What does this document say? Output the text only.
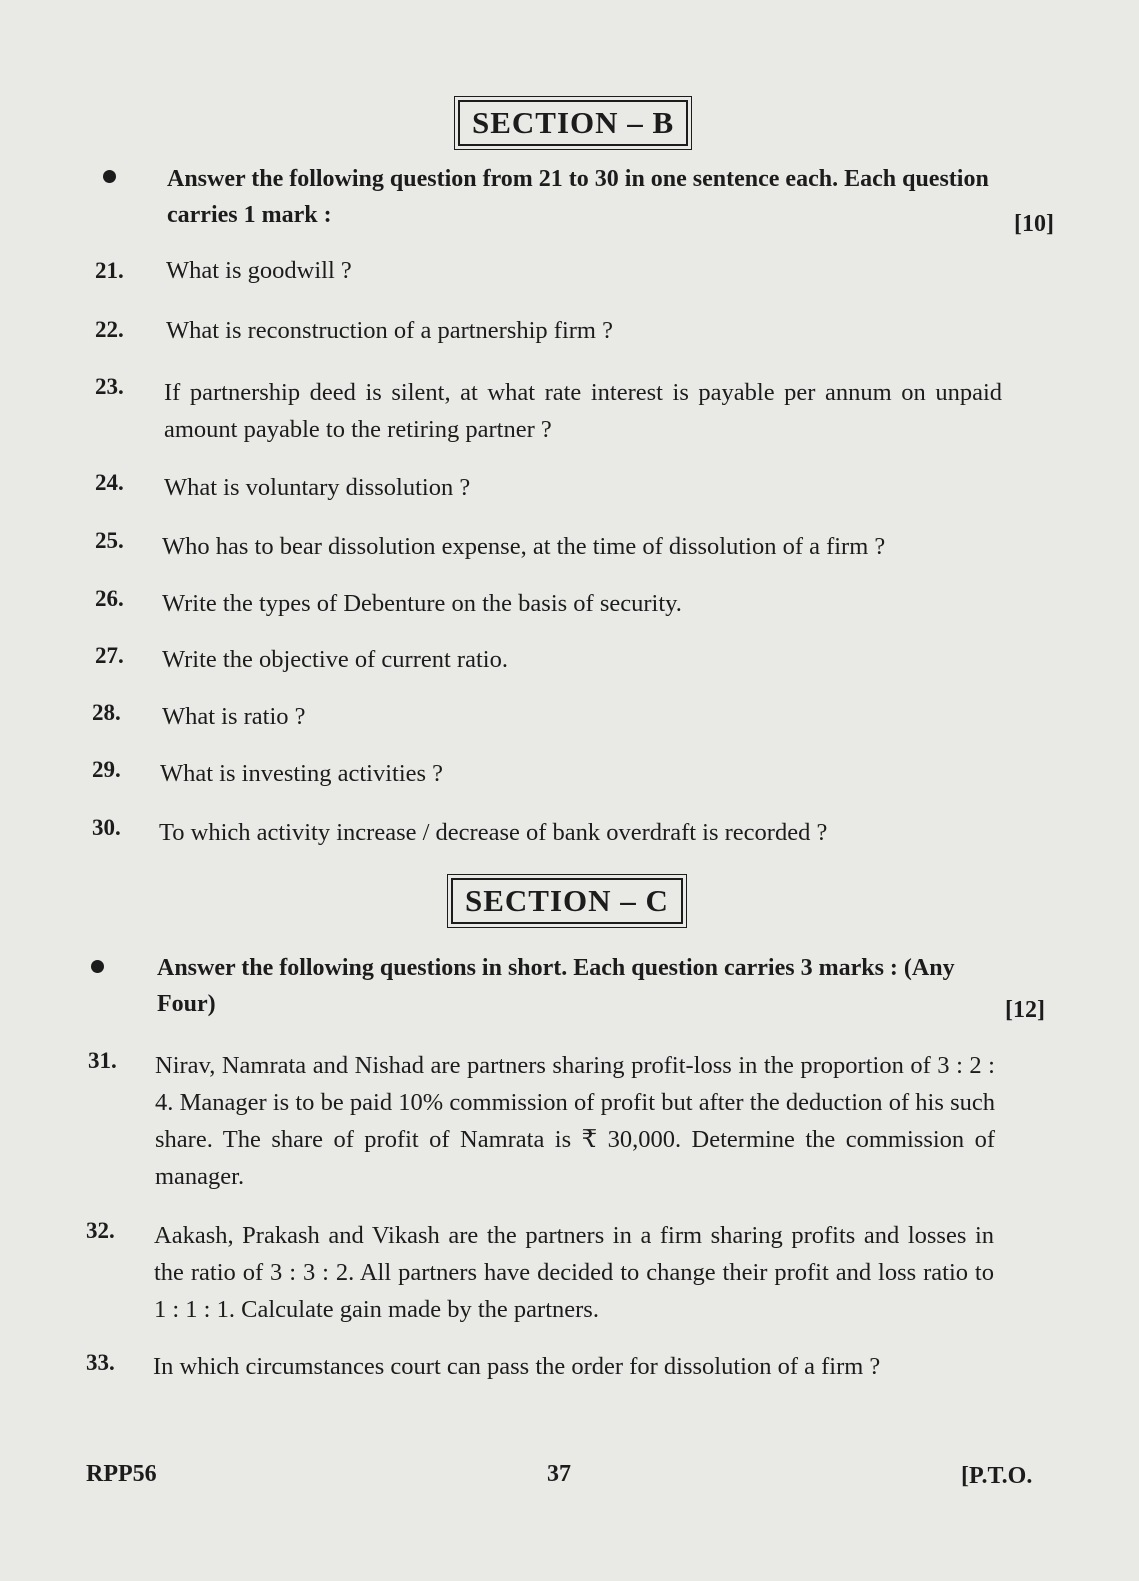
SECTION – B
Answer the following question from 21 to 30 in one sentence each. Each question carries 1 mark :	[10]
21. What is goodwill ?
22. What is reconstruction of a partnership firm ?
23. If partnership deed is silent, at what rate interest is payable per annum on unpaid amount payable to the retiring partner ?
24. What is voluntary dissolution ?
25. Who has to bear dissolution expense, at the time of dissolution of a firm ?
26. Write the types of Debenture on the basis of security.
27. Write the objective of current ratio.
28. What is ratio ?
29. What is investing activities ?
30. To which activity increase / decrease of bank overdraft is recorded ?
SECTION – C
Answer the following questions in short. Each question carries 3 marks : (Any Four)	[12]
31. Nirav, Namrata and Nishad are partners sharing profit-loss in the proportion of 3 : 2 : 4. Manager is to be paid 10% commission of profit but after the deduction of his such share. The share of profit of Namrata is ₹ 30,000. Determine the commission of manager.
32. Aakash, Prakash and Vikash are the partners in a firm sharing profits and losses in the ratio of 3 : 3 : 2. All partners have decided to change their profit and loss ratio to 1 : 1 : 1. Calculate gain made by the partners.
33. In which circumstances court can pass the order for dissolution of a firm ?
RPP56	37	[P.T.O.
